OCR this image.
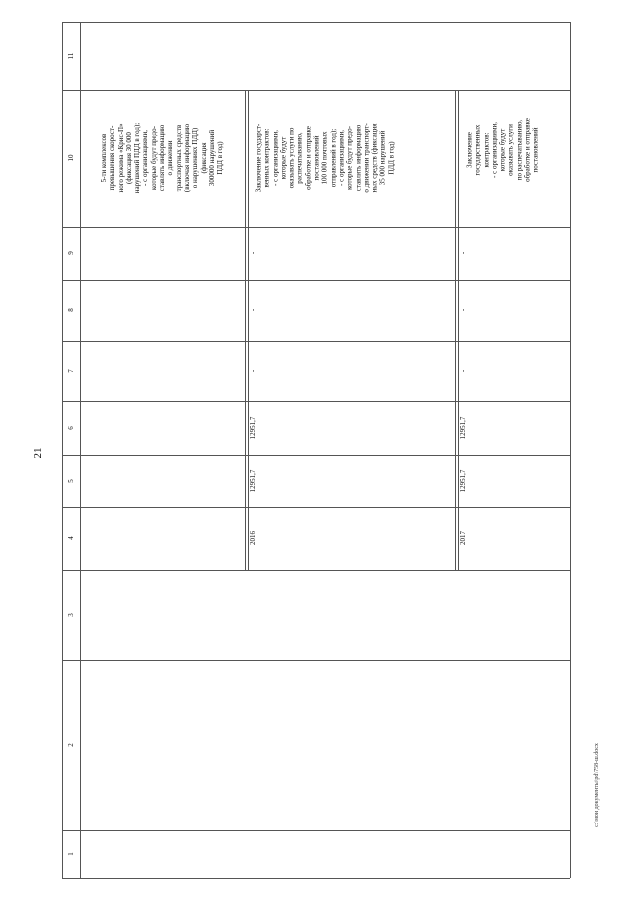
21
1
2
3
4
5
6
7
8
9
10
11
5-ти комплексов
превышения скорост-
ного режима «Крис-П»
(фиксация 30 000
нарушений ПДД в год);
- с организациями,
которые будут предо-
ставлять информацию
о движении
транспортных средств
(включая информацию
о нарушениях ПДД)
(фиксация
300000 нарушений
ПДД в год)
2016
12951,7
12951,7
-
-
-
Заключение государст-
венных контрактов:
- с организациями,
которые будут
оказывать услуги по
распечатыванию,
обработке и отправке
постановлений
100 000 почтовых
отправлений в год);
- с организациями,
которые будут предо-
ставлять информацию
о движении транспорт-
ных средств (фиксация
35 000 нарушений
ПДД в год)
2017
12951,7
12951,7
-
-
-
Заключение
государственных
контрактов:
- с организациями,
которые будут
оказывать услуги
по распечатыванию,
обработке и отправке
постановлений
c:\мои документы\pd\758-ш.docx
